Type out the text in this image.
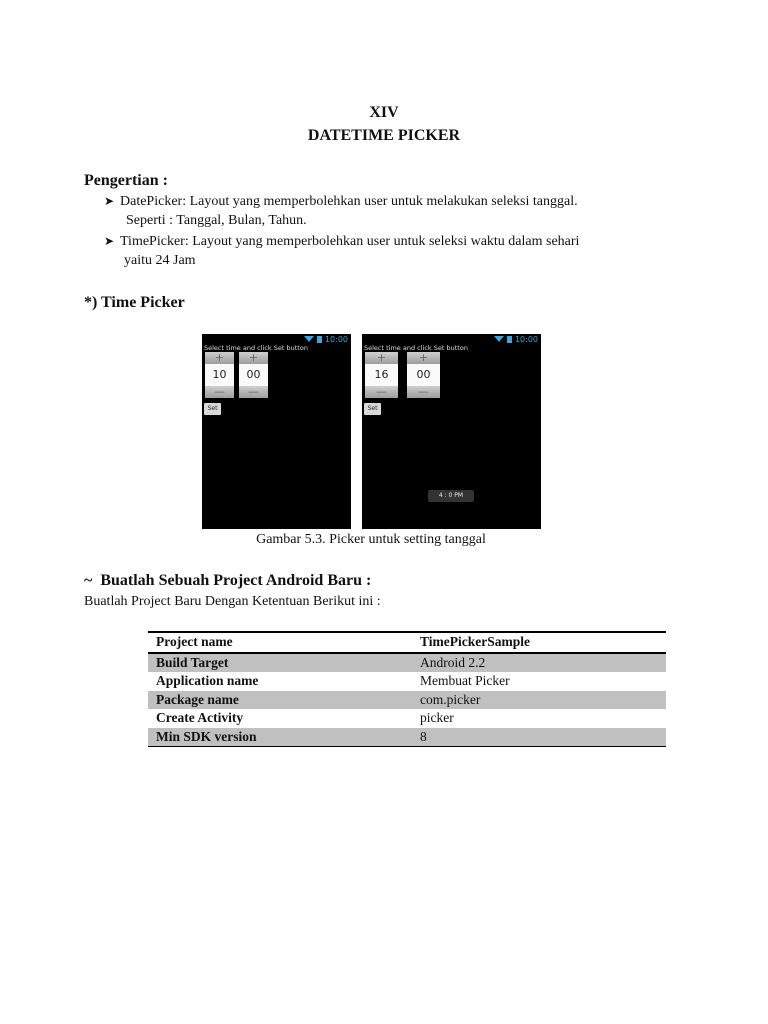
XIV
DATETIME PICKER
Pengertian :
➤ DatePicker: Layout yang memperbolehkan user untuk melakukan seleksi tanggal.
Seperti : Tanggal, Bulan, Tahun.
➤ TimePicker: Layout yang memperbolehkan user untuk seleksi waktu dalam sehari
yaitu 24 Jam
*) Time Picker
10:00
Select time and click Set button
+
10
—
+
00
—
Set
10:00
Select time and click Set button
+
16
—
+
00
—
Set
4 : 0 PM
Gambar 5.3. Picker untuk setting tanggal
~  Buatlah Sebuah Project Android Baru :
Buatlah Project Baru Dengan Ketentuan Berikut ini :
Project name	TimePickerSample
Build Target	Android 2.2
Application name	Membuat Picker
Package name	com.picker
Create Activity	picker
Min SDK version	8
